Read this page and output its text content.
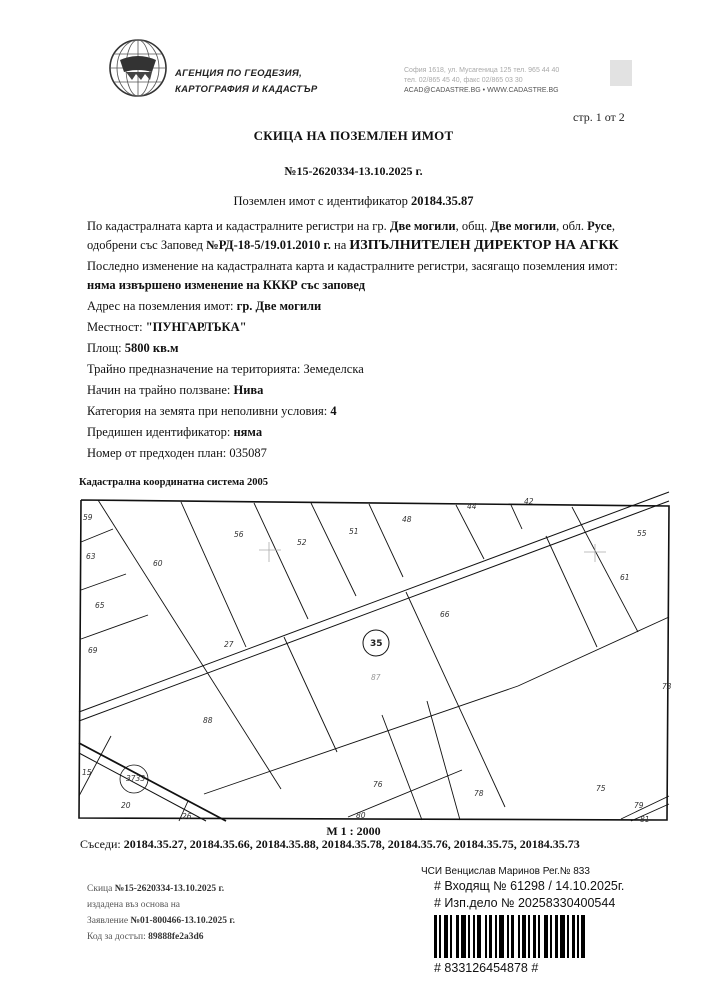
АГЕНЦИЯ ПО ГЕОДЕЗИЯ,
КАРТОГРАФИЯ И КАДАСТЪР
София 1618, ул. Мусагеница 125 тел. 965 44 40
тел. 02/865 45 40, факс 02/865 03 30
ACAD@CADASTRE.BG • WWW.CADASTRE.BG
стр. 1 от 2
СКИЦА НА ПОЗЕМЛЕН ИМОТ
№15-2620334-13.10.2025 г.
Поземлен имот с идентификатор 20184.35.87

По кадастралната карта и кадастралните регистри на гр. Две могили, общ. Две могили, обл. Русе, одобрени със Заповед №РД-18-5/19.01.2010 г. на ИЗПЪЛНИТЕЛЕН ДИРЕКТОР НА АГКК

Последно изменение на кадастралната карта и кадастралните регистри, засягащо поземления имот: няма извършено изменение на КККР със заповед

Адрес на поземления имот: гр. Две могили

Местност: "ПУНГАРЛЪКА"

Площ: 5800 кв.м

Трайно предназначение на територията: Земеделска

Начин на трайно ползване: Нива

Категория на земята при неполивни условия: 4

Предишен идентификатор: няма

Номер от предходен план: 035087

Кадастрална координатна система 2005
59
63
65
69
60
56
52
51
48
44
42
55
61
66
27
87
88
73
15
20
26
76
78
75
79
80	81
35
3733
М 1 : 2000
Съседи: 20184.35.27, 20184.35.66, 20184.35.88, 20184.35.78, 20184.35.76, 20184.35.75, 20184.35.73
Скица №15-2620334-13.10.2025 г.
издадена въз основа на
Заявление №01-800466-13.10.2025 г.
Код за достъп: 89888fe2a3d6
ЧСИ Венцислав Маринов Рег.№ 833
# Входящ № 61298 / 14.10.2025г.
# Изп.дело № 20258330400544
# 833126454878 #
